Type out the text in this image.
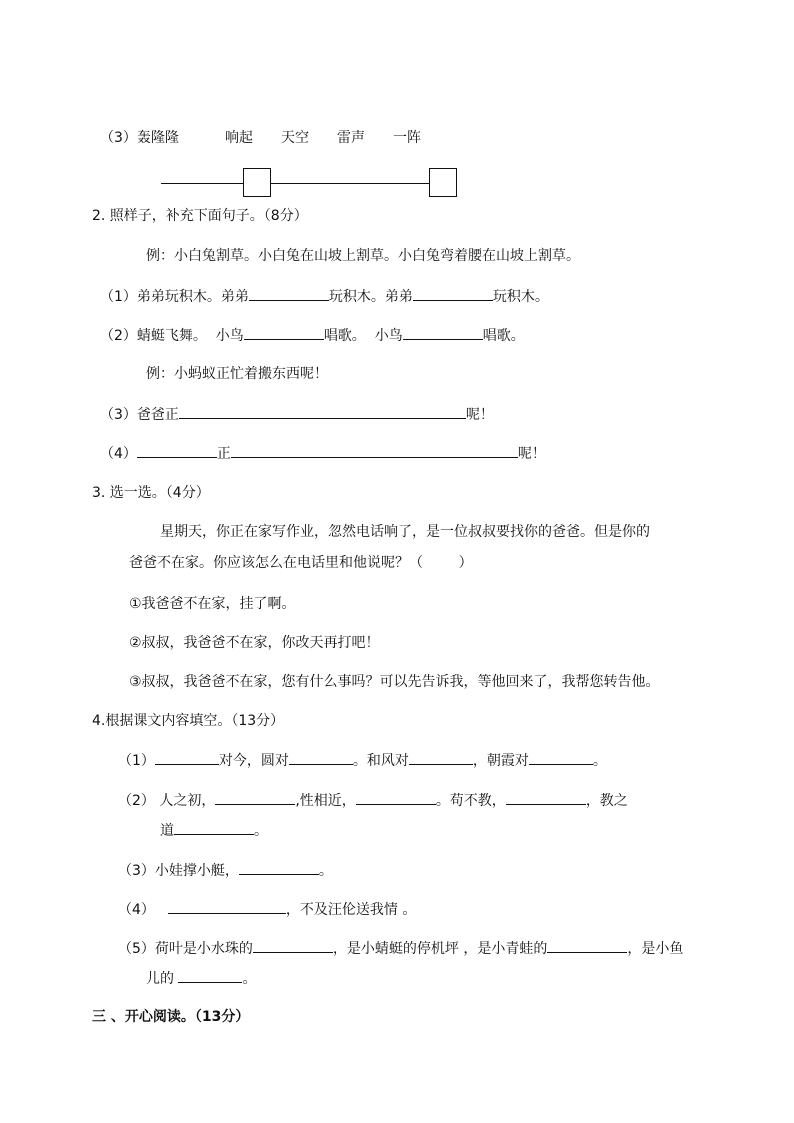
（3） 轰隆隆	响起 天空 雷声 一阵
2. 照样子，补充下面句子。（8分）
例：小白兔割草。小白兔在山坡上割草。小白兔弯着腰在山坡上割草。
（1）弟弟玩积木。弟弟	玩积木。弟弟	玩积木。
（2）蜻蜓飞舞。  小鸟	唱歌。  小鸟	唱歌。
例：小蚂蚁正忙着搬东西呢！
（3）爸爸正	呢！
（4）	正	呢！
3. 选一选。（4分）
星期天，你正在家写作业，忽然电话响了，是一位叔叔要找你的爸爸。但是你的
爸爸不在家。你应该怎么在电话里和他说呢？（        ）
①我爸爸不在家，挂了啊。
②叔叔，我爸爸不在家，你改天再打吧！
③叔叔，我爸爸不在家，您有什么事吗？可以先告诉我，等他回来了，我帮您转告他。
4.根据课文内容填空。（13分）
（1）	对今，圆对	。和风对	，朝霞对	。
（2） 人之初，	,性相近，	。苟不教，	，教之
道	。
（3）小娃撑小艇，	。
（4）	，不及汪伦送我情 。
（5）荷叶是小水珠的	，是小蜻蜓的停机坪 ，是小青蛙的	，是小鱼
儿的	。
三 、开心阅读。（13分）
